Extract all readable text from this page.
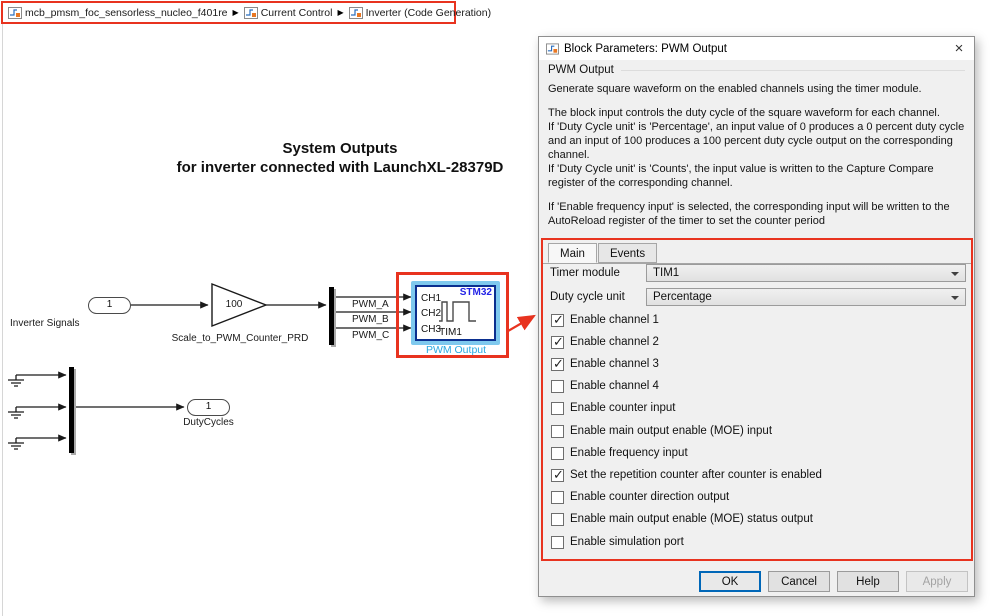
mcb_pmsm_foc_sensorless_nucleo_f401re ▶ Current Control ▶ Inverter (Code Generation)
System Outputs
for inverter connected with LaunchXL-28379D
1
Inverter Signals
100
Scale_to_PWM_Counter_PRD
PWM_A
PWM_B
PWM_C
STM32
CH1
CH2
CH3
TIM1
PWM Output
1
DutyCycles
Block Parameters: PWM Output	×
PWM Output
Generate square waveform on the enabled channels using the timer module.
The block input controls the duty cycle of the square waveform for each channel.
If 'Duty Cycle unit' is 'Percentage', an input value of 0 produces a 0 percent duty cycle and an input of 100 produces a 100 percent duty cycle output on the corresponding channel.
If 'Duty Cycle unit' is 'Counts', the input value is written to the Capture Compare register of the corresponding channel.
If 'Enable frequency input' is selected, the corresponding input will be written to the AutoReload register of the timer to set the counter period
Main	Events
Timer module	TIM1
Duty cycle unit Percentage
✓
Enable channel 1
✓
Enable channel 2
✓
Enable channel 3
Enable channel 4
Enable counter input
Enable main output enable (MOE) input
Enable frequency input
✓
Set the repetition counter after counter is enabled
Enable counter direction output
Enable main output enable (MOE) status output
Enable simulation port
OK	Cancel	Help	Apply
